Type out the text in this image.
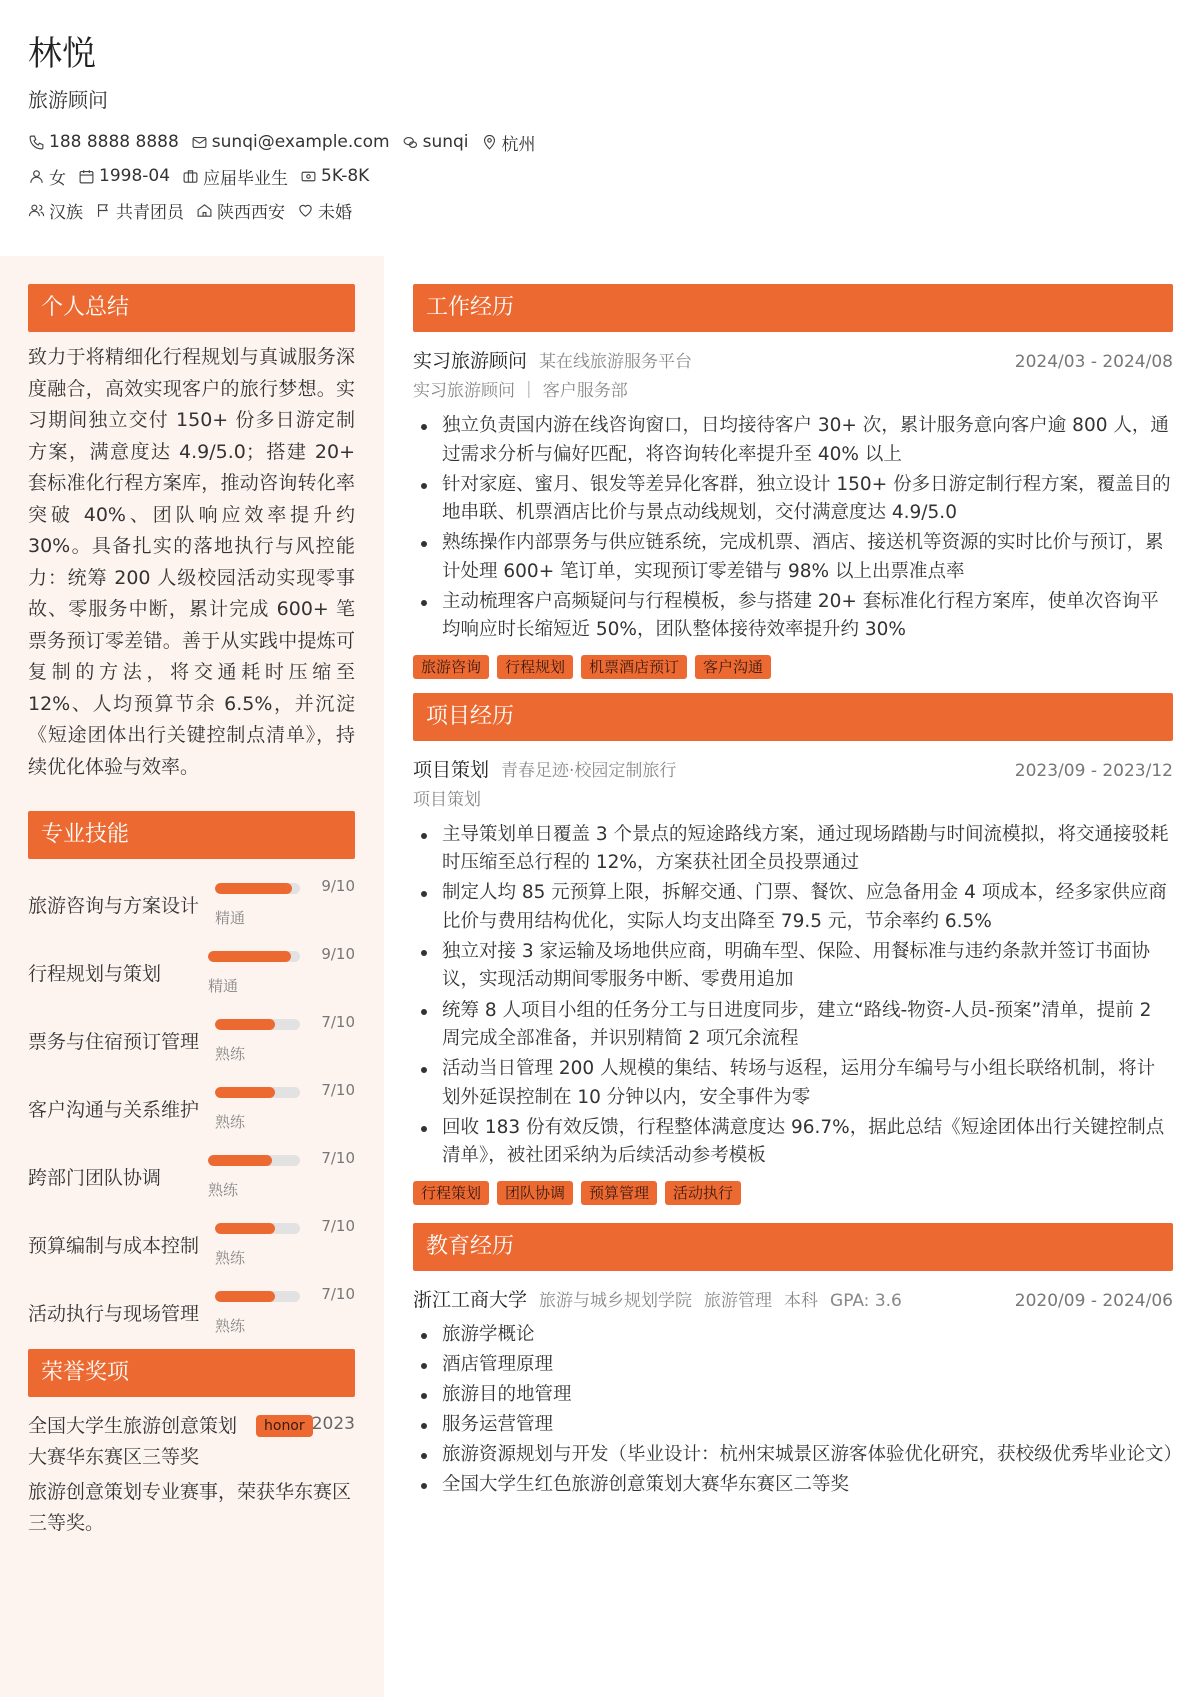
林悦
旅游顾问
188 8888 8888 sunqi@example.com sunqi 杭州
女 1998-04 应届毕业生 5K-8K
汉族 共青团员 陕西西安 未婚
个人总结
致力于将精细化行程规划与真诚服务深度融合，高效实现客户的旅行梦想。实习期间独立交付 150+ 份多日游定制方案，满意度达 4.9/5.0；搭建 20+ 套标准化行程方案库，推动咨询转化率突破 40%、团队响应效率提升约 30%。具备扎实的落地执行与风控能力：统筹 200 人级校园活动实现零事故、零服务中断，累计完成 600+ 笔票务预订零差错。善于从实践中提炼可复制的方法，将交通耗时压缩至 12%、人均预算节余 6.5%，并沉淀《短途团体出行关键控制点清单》，持续优化体验与效率。
专业技能
旅游咨询与方案设计
9/10
精通
行程规划与策划
9/10
精通
票务与住宿预订管理
7/10
熟练
客户沟通与关系维护
7/10
熟练
跨部门团队协调
7/10
熟练
预算编制与成本控制
7/10
熟练
活动执行与现场管理
7/10
熟练
荣誉奖项
全国大学生旅游创意策划大赛华东赛区三等奖
honor 2023
旅游创意策划专业赛事，荣获华东赛区三等奖。
工作经历
实习旅游顾问 某在线旅游服务平台	2024/03 - 2024/08
实习旅游顾问 ｜ 客户服务部
独立负责国内游在线咨询窗口，日均接待客户 30+ 次，累计服务意向客户逾 800 人，通过需求分析与偏好匹配，将咨询转化率提升至 40% 以上
针对家庭、蜜月、银发等差异化客群，独立设计 150+ 份多日游定制行程方案，覆盖目的地串联、机票酒店比价与景点动线规划，交付满意度达 4.9/5.0
熟练操作内部票务与供应链系统，完成机票、酒店、接送机等资源的实时比价与预订，累计处理 600+ 笔订单，实现预订零差错与 98% 以上出票准点率
主动梳理客户高频疑问与行程模板，参与搭建 20+ 套标准化行程方案库，使单次咨询平均响应时长缩短近 50%，团队整体接待效率提升约 30%
旅游咨询	行程规划	机票酒店预订	客户沟通
项目经历
项目策划 青春足迹·校园定制旅行	2023/09 - 2023/12
项目策划
主导策划单日覆盖 3 个景点的短途路线方案，通过现场踏勘与时间流模拟，将交通接驳耗时压缩至总行程的 12%，方案获社团全员投票通过
制定人均 85 元预算上限，拆解交通、门票、餐饮、应急备用金 4 项成本，经多家供应商比价与费用结构优化，实际人均支出降至 79.5 元，节余率约 6.5%
独立对接 3 家运输及场地供应商，明确车型、保险、用餐标准与违约条款并签订书面协议，实现活动期间零服务中断、零费用追加
统筹 8 人项目小组的任务分工与日进度同步，建立“路线-物资-人员-预案”清单，提前 2 周完成全部准备，并识别精简 2 项冗余流程
活动当日管理 200 人规模的集结、转场与返程，运用分车编号与小组长联络机制，将计划外延误控制在 10 分钟以内，安全事件为零
回收 183 份有效反馈，行程整体满意度达 96.7%，据此总结《短途团体出行关键控制点清单》，被社团采纳为后续活动参考模板
行程策划	团队协调	预算管理	活动执行
教育经历
浙江工商大学 旅游与城乡规划学院 旅游管理 本科 GPA: 3.6	2020/09 - 2024/06
旅游学概论
酒店管理原理
旅游目的地管理
服务运营管理
旅游资源规划与开发（毕业设计：杭州宋城景区游客体验优化研究，获校级优秀毕业论文）
全国大学生红色旅游创意策划大赛华东赛区二等奖
